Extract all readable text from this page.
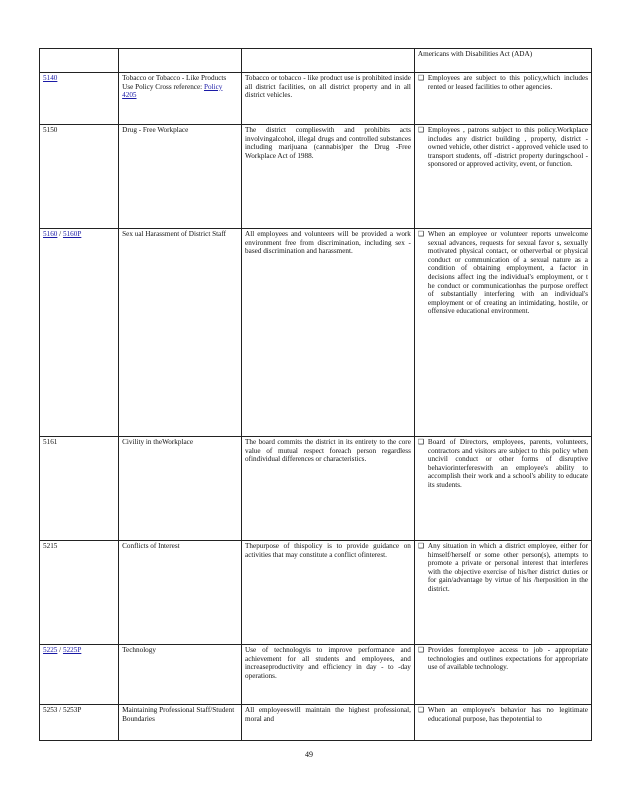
			Americans with Disabilities Act (ADA)

5140	Tobacco or Tobacco - Like Products Use Policy Cross reference: Policy 4205	Tobacco or tobacco - like product use is prohibited inside all district facilities, on all district property and in all district vehicles.	❑ Employees are subject to this policy,which includes rented or leased facilities to other agencies.

5150	Drug - Free Workplace	The district complieswith and prohibits acts involvingalcohol, illegal drugs and controlled substances including marijuana (cannabis)per the Drug -Free Workplace Act of 1988.	❑ Employees , patrons subject to this policy.Workplace includes any district building , property, district - owned vehicle, other district - approved vehicle used to transport students, off -district property duringschool - sponsored or approved activity, event, or function.

5160 / 5160P	Sex ual Harassment of District Staff	All employees and volunteers will be provided a work environment free from discrimination, including sex - based discrimination and harassment.	❑ When an employee or volunteer reports unwelcome sexual advances, requests for sexual favor s, sexually motivated physical contact, or otherverbal or physical conduct or communication of a sexual nature as a condition of obtaining employment, a factor in decisions affect ing the individual's employment, or t he conduct or communicationhas the purpose oreffect of substantially interfering with an individual's employment or of creating an intimidating, hostile, or offensive educational environment.

5161	Civility in theWorkplace	The board commits the district in its entirety to the core value of mutual respect foreach person regardless ofindividual differences or characteristics.	❑ Board of Directors, employees, parents, volunteers, contractors and visitors are subject to this policy when uncivil conduct or other forms of disruptive behaviorinterfereswith an employee's ability to accomplish their work and a school's ability to educate its students.

5215	Conflicts of Interest	Thepurpose of thispolicy is to provide guidance on activities that may constitute a conflict ofinterest.	❑ Any situation in which a district employee, either for himself/herself or some other person(s), attempts to promote a private or personal interest that interferes with the objective exercise of his/her district duties or for gain/advantage by virtue of his /herposition in the district.

5225 / 5225P	Technology	Use of technologyis to improve performance and achievement for all students and employees, and increaseproductivity and efficiency in day - to -day operations.	❑ Provides foremployee access to job - appropriate technologies and outlines expectations for appropriate use of available technology.

5253 / 5253P	Maintaining Professional Staff/Student Boundaries	All employeeswill maintain the highest professional, moral and	❑ When an employee's behavior has no legitimate educational purpose, has thepotential to
49
